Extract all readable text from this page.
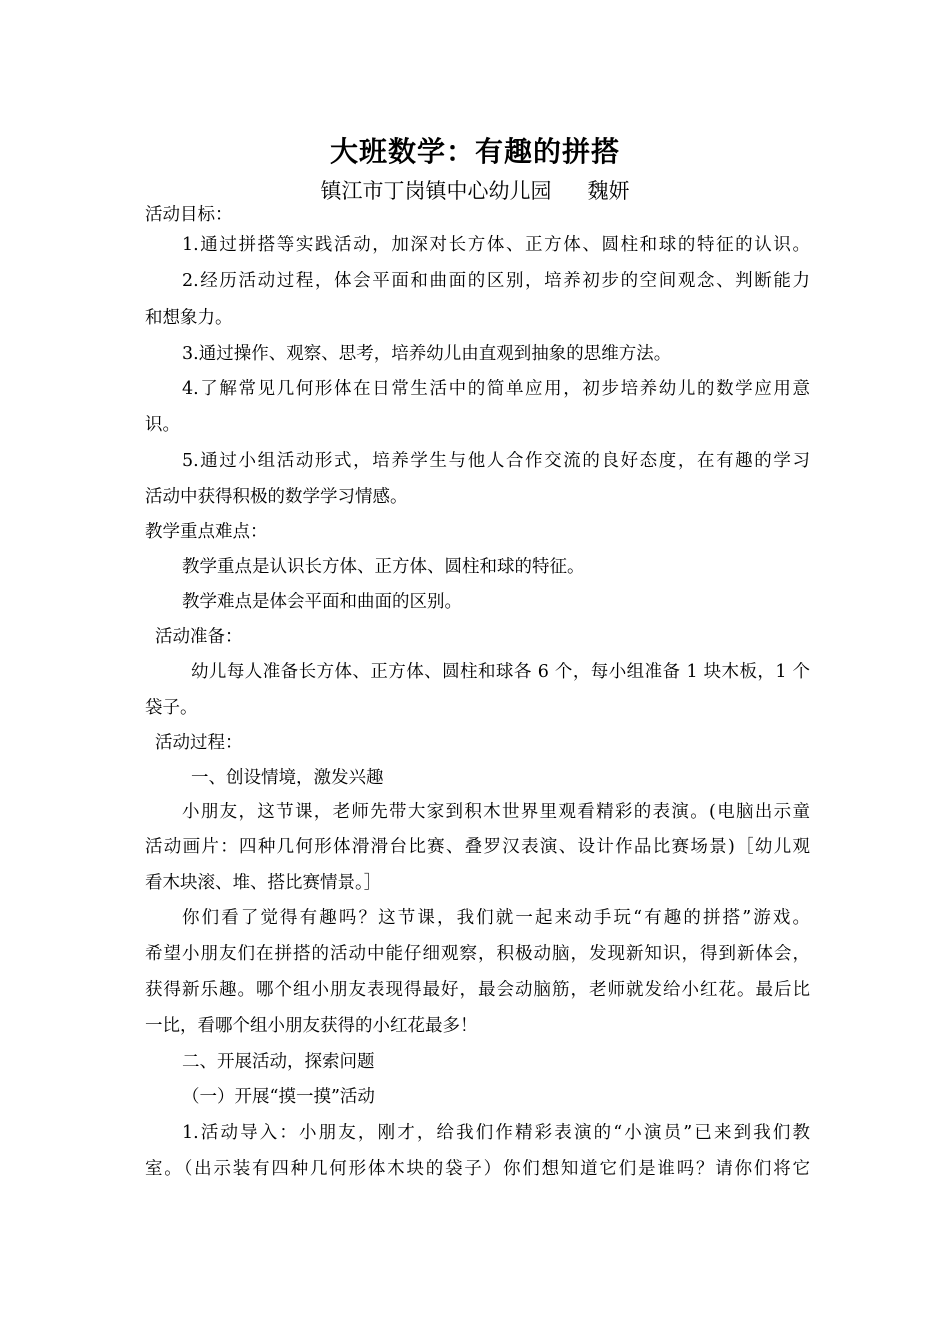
大班数学：有趣的拼搭
镇江市丁岗镇中心幼儿园 魏妍
活动目标：
1.通过拼搭等实践活动，加深对长方体、正方体、圆柱和球的特征的认识。
2.经历活动过程，体会平面和曲面的区别，培养初步的空间观念、判断能力
和想象力。
3.通过操作、观察、思考，培养幼儿由直观到抽象的思维方法。
4.了解常见几何形体在日常生活中的简单应用，初步培养幼儿的数学应用意
识。
5.通过小组活动形式，培养学生与他人合作交流的良好态度，在有趣的学习
活动中获得积极的数学学习情感。
教学重点难点：
教学重点是认识长方体、正方体、圆柱和球的特征。
教学难点是体会平面和曲面的区别。
活动准备：
幼儿每人准备长方体、正方体、圆柱和球各 6 个，每小组准备 1 块木板，1 个
袋子。
活动过程：
一、创设情境，激发兴趣
小朋友，这节课，老师先带大家到积木世界里观看精彩的表演。(电脑出示童
活动画片：四种几何形体滑滑台比赛、叠罗汉表演、设计作品比赛场景)［幼儿观
看木块滚、堆、搭比赛情景。］
你们看了觉得有趣吗？这节课，我们就一起来动手玩“有趣的拼搭”游戏。
希望小朋友们在拼搭的活动中能仔细观察，积极动脑，发现新知识，得到新体会，
获得新乐趣。哪个组小朋友表现得最好，最会动脑筋，老师就发给小红花。最后比
一比，看哪个组小朋友获得的小红花最多！
二、开展活动，探索问题
（一）开展“摸一摸”活动
1.活动导入：小朋友，刚才，给我们作精彩表演的“小演员”已来到我们教
室。（出示装有四种几何形体木块的袋子）你们想知道它们是谁吗？请你们将它
